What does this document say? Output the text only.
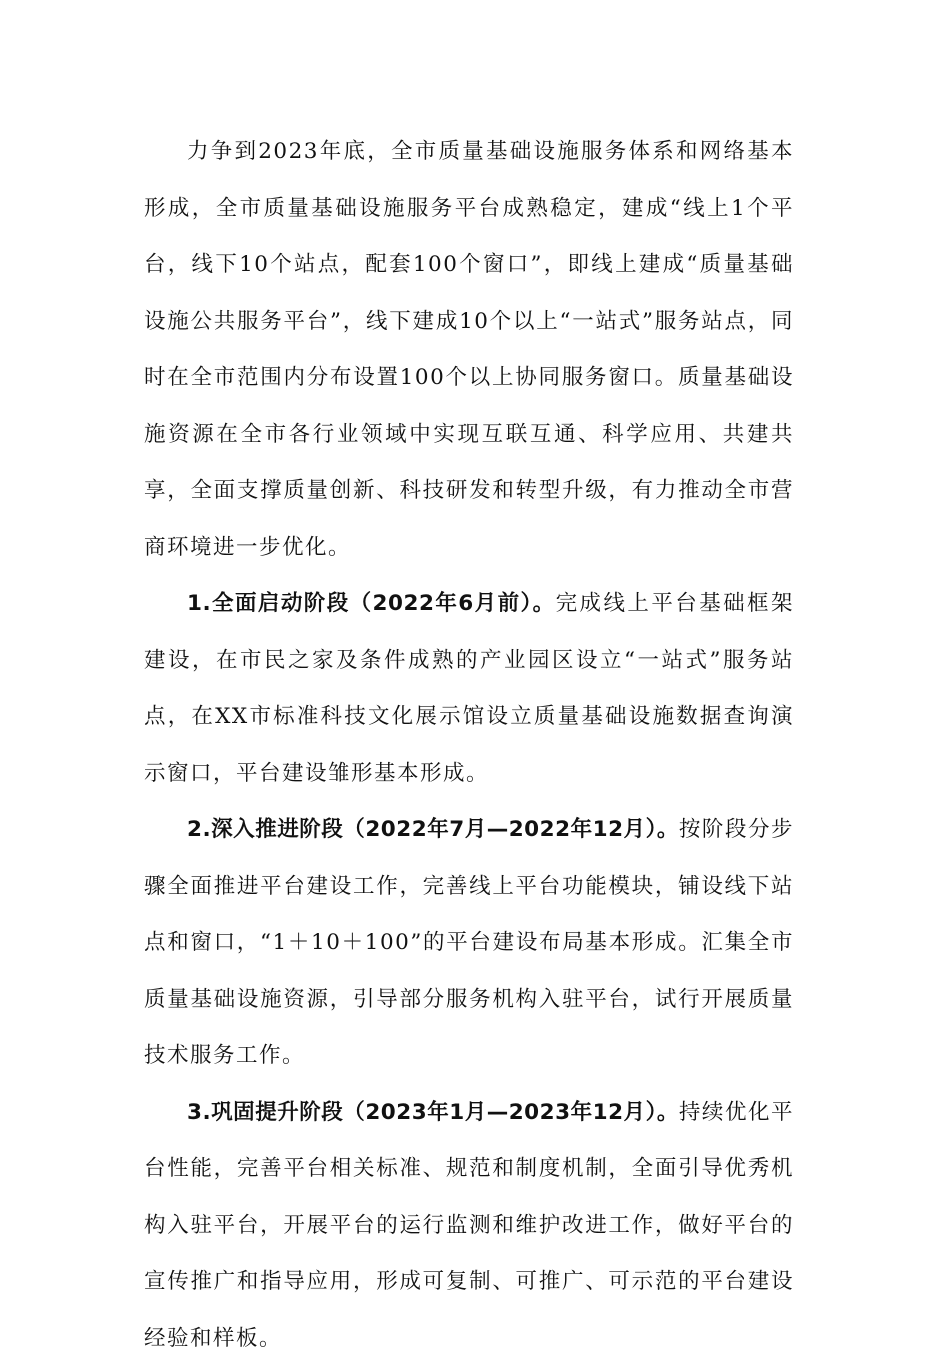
力争到2023年底，全市质量基础设施服务体系和网络基本形成，全市质量基础设施服务平台成熟稳定，建成“线上1个平台，线下10个站点，配套100个窗口”，即线上建成“质量基础设施公共服务平台”，线下建成10个以上“一站式”服务站点，同时在全市范围内分布设置100个以上协同服务窗口。质量基础设施资源在全市各行业领域中实现互联互通、科学应用、共建共享，全面支撑质量创新、科技研发和转型升级，有力推动全市营商环境进一步优化。

1.全面启动阶段（2022年6月前）。完成线上平台基础框架建设，在市民之家及条件成熟的产业园区设立“一站式”服务站点，在XX市标准科技文化展示馆设立质量基础设施数据查询演示窗口，平台建设雏形基本形成。

2.深入推进阶段（2022年7月—2022年12月）。按阶段分步骤全面推进平台建设工作，完善线上平台功能模块，铺设线下站点和窗口，“1＋10＋100”的平台建设布局基本形成。汇集全市质量基础设施资源，引导部分服务机构入驻平台，试行开展质量技术服务工作。

3.巩固提升阶段（2023年1月—2023年12月）。持续优化平台性能，完善平台相关标准、规范和制度机制，全面引导优秀机构入驻平台，开展平台的运行监测和维护改进工作，做好平台的宣传推广和指导应用，形成可复制、可推广、可示范的平台建设经验和样板。
